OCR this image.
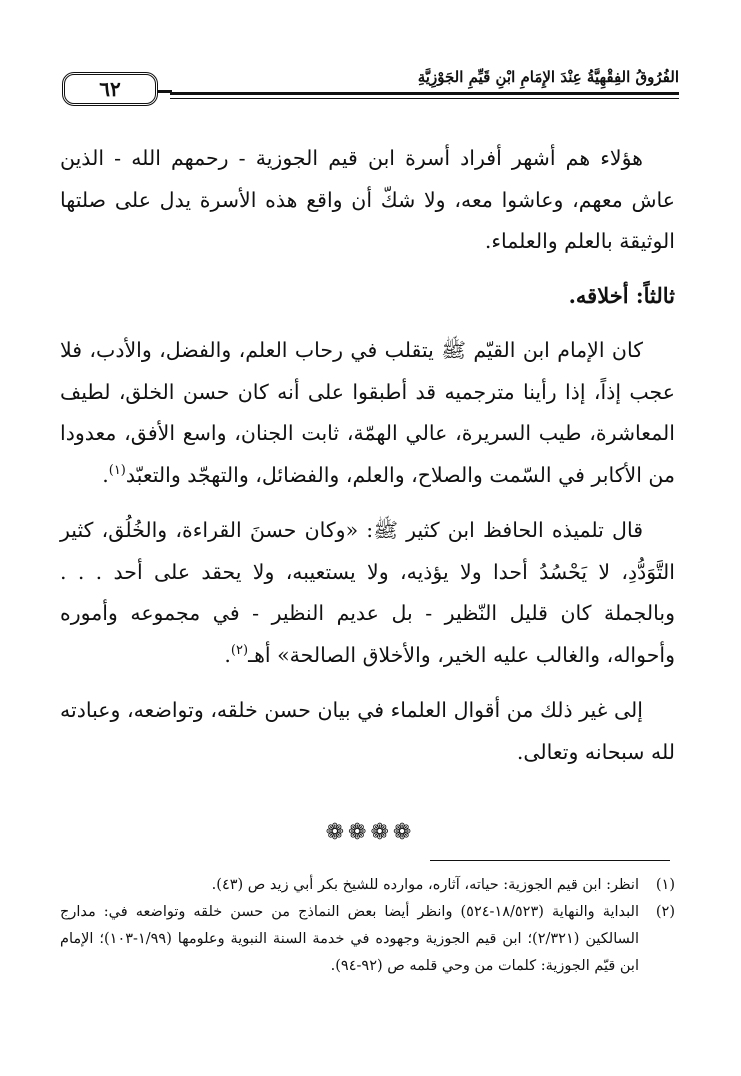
الفُرُوقُ الفِقْهِيَّةُ عِنْدَ الإِمَامِ ابْنِ قَيِّمِ الجَوْزِيَّةِ
٦٢

هؤلاء هم أشهر أفراد أسرة ابن قيم الجوزية - رحمهم الله - الذين عاش معهم، وعاشوا معه، ولا شكّ أن واقع هذه الأسرة يدل على صلتها الوثيقة بالعلم والعلماء.

ثالثاً: أخلاقه.

كان الإمام ابن القيّم ﷺ يتقلب في رحاب العلم، والفضل، والأدب، فلا عجب إذاً، إذا رأينا مترجميه قد أطبقوا على أنه كان حسن الخلق، لطيف المعاشرة، طيب السريرة، عالي الهمّة، ثابت الجنان، واسع الأفق، معدودا من الأكابر في السّمت والصلاح، والعلم، والفضائل، والتهجّد والتعبّد$^{(١)}$.

قال تلميذه الحافظ ابن كثير ﷺ: «وكان حسنَ القراءة، والخُلُق، كثير التَّوَدُّدِ، لا يَحْسُدُ أحدا ولا يؤذيه، ولا يستعيبه، ولا يحقد على أحد . . . وبالجملة كان قليل النّظير - بل عديم النظير - في مجموعه وأموره وأحواله، والغالب عليه الخير، والأخلاق الصالحة» أهـ$^{(٢)}$.

إلى غير ذلك من أقوال العلماء في بيان حسن خلقه، وتواضعه، وعبادته لله سبحانه وتعالى.

❁❁❁❁

(١)
انظر: ابن قيم الجوزية: حياته، آثاره، موارده للشيخ بكر أبي زيد ص (٤٣).

(٢)
البداية والنهاية (١٨/٥٢٣-٥٢٤) وانظر أيضا بعض النماذج من حسن خلقه وتواضعه في: مدارج السالكين (٢/٣٢١)؛ ابن قيم الجوزية وجهوده في خدمة السنة النبوية وعلومها (١/٩٩-١٠٣)؛ الإمام ابن قيّم الجوزية: كلمات من وحي قلمه ص (٩٢-٩٤).
